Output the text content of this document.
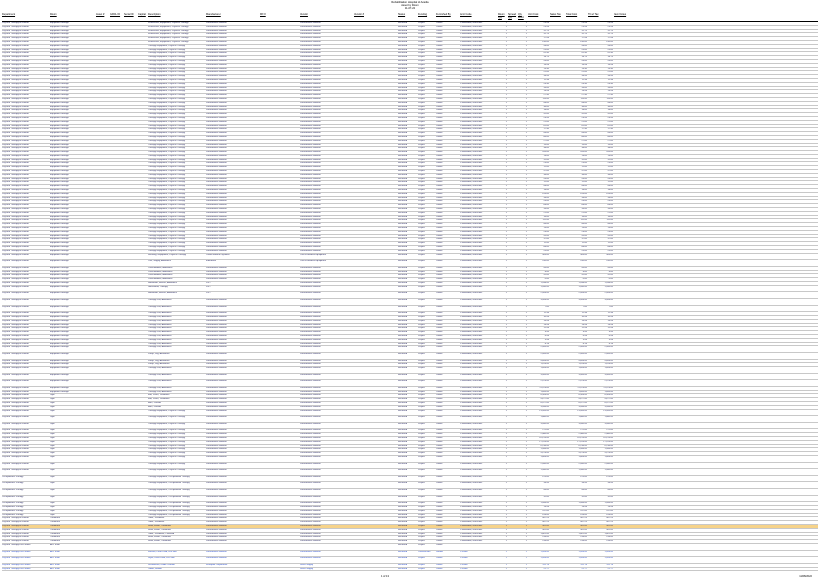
Rehabilitation Hospital of Acadia
Asset by Room
11-07-22
Department	Room	Asset #	GRCL ID	Serial ID	Capital Description	Manufacturer	Mfr #	Vendor	Vendor #	Status	Funding	Furnished By	Acct Code	Room Qty
Spread Qty
Qty Rcvd
Unit Cost	Sales Tax	Total Cost	Ttl w/ Tax	Item Notes
Physical Therapy/In-Patient	Equipment Storage	Wheelchair, Equipment, Physical Therapy	Performance Medical	Performance Medical	Received	Project	Owner	1-Moveable, Non-Elect	1	1	23.99	23.99	23.99
Physical Therapy/In-Patient	Equipment Storage	Wheelchair, Equipment, Physical Therapy	Performance Medical	Performance Medical	Received	Project	Owner	1-Moveable, Non-Elect	1	1	23.99	23.99	23.99
Physical Therapy/In-Patient	Equipment Storage	Wheelchair, Equipment, Physical Therapy	Performance Medical	Performance Medical	Received	Project	Owner	1-Moveable, Non-Elect	1	1	31.75	31.75	31.75
Physical Therapy/In-Patient	Equipment Storage	Wheelchair, Equipment, Physical Therapy	Performance Medical	Performance Medical	Received	Project	Owner	1-Moveable, Non-Elect	1	1	31.75	31.75	31.75
Physical Therapy/In-Patient	Equipment Storage	Wheelchair, Equipment, Physical Therapy	Performance Medical	Performance Medical	Received	Project	Owner	1-Moveable, Non-Elect	1	1	17.99	17.99	17.99
Physical Therapy/In-Patient	Equipment Storage	Wheelchair, Equipment, Physical Therapy	Performance Medical	Performance Medical	Received	Project	Owner	1-Moveable, Non-Elect	1	1	190.00	190.00	190.00
Physical Therapy/In-Patient	Equipment Storage	Therapy Equipment, Physical Therapy	Performance Medical	Performance Medical	Received	Project	Owner	1-Moveable, Non-Elect	1	1	59.00	59.00	59.00
Physical Therapy/In-Patient	Equipment Storage	Therapy Equipment, Physical Therapy	Performance Medical	Performance Medical	Received	Project	Owner	1-Moveable, Non-Elect	1	1	25.00	25.00	25.00
Physical Therapy/In-Patient	Equipment Storage	Therapy Equipment, Physical Therapy	Performance Medical	Performance Medical	Received	Project	Owner	1-Moveable, Non-Elect	1	1	41.50	41.50	41.50
Physical Therapy/In-Patient	Equipment Storage	Therapy Equipment, Physical Therapy	Performance Medical	Performance Medical	Received	Project	Owner	1-Moveable, Non-Elect	1	1	18.75	18.75	18.75
Physical Therapy/In-Patient	Equipment Storage	Therapy Equipment, Physical Therapy	Performance Medical	Performance Medical	Received	Project	Owner	1-Moveable, Non-Elect	1	1	26.00	26.00	26.00
Physical Therapy/In-Patient	Equipment Storage	Therapy Equipment, Physical Therapy	Performance Medical	Performance Medical	Received	Project	Owner	1-Moveable, Non-Elect	1	1	14.99	14.99	14.99
Physical Therapy/In-Patient	Equipment Storage	Therapy Equipment, Physical Therapy	Performance Medical	Performance Medical	Received	Project	Owner	1-Moveable, Non-Elect	1	1	13.50	13.50	13.50
Physical Therapy/In-Patient	Equipment Storage	Therapy Equipment, Physical Therapy	Performance Medical	Performance Medical	Received	Project	Owner	1-Moveable, Non-Elect	1	1	22.00	22.00	22.00
Physical Therapy/In-Patient	Equipment Storage	Therapy Equipment, Physical Therapy	Performance Medical	Performance Medical	Received	Project	Owner	1-Moveable, Non-Elect	1	1	39.95	39.95	39.95
Physical Therapy/In-Patient	Equipment Storage	Therapy Equipment, Physical Therapy	Performance Medical	Performance Medical	Received	Project	Owner	1-Moveable, Non-Elect	1	1	11.99	11.99	11.99
Physical Therapy/In-Patient	Equipment Storage	Therapy Equipment, Physical Therapy	Performance Medical	Performance Medical	Received	Project	Owner	1-Moveable, Non-Elect	1	1	24.50	24.50	24.50
Physical Therapy/In-Patient	Equipment Storage	Therapy Equipment, Physical Therapy	Performance Medical	Performance Medical	Received	Project	Owner	1-Moveable, Non-Elect	1	1	33.00	33.00	33.00
Physical Therapy/In-Patient	Equipment Storage	Therapy Equipment, Physical Therapy	Performance Medical	Performance Medical	Received	Project	Owner	1-Moveable, Non-Elect	1	1	19.99	19.99	19.99
Physical Therapy/In-Patient	Equipment Storage	Therapy Equipment, Physical Therapy	Performance Medical	Performance Medical	Received	Project	Owner	1-Moveable, Non-Elect	1	1	27.50	27.50	27.50
Physical Therapy/In-Patient	Equipment Storage	Therapy Equipment, Physical Therapy	Performance Medical	Performance Medical	Received	Project	Owner	1-Moveable, Non-Elect	1	1	115.00	115.00	115.00
Physical Therapy/In-Patient	Equipment Storage	Therapy Equipment, Physical Therapy	Performance Medical	Performance Medical	Received	Project	Owner	1-Moveable, Non-Elect	1	1	48.00	48.00	48.00
Physical Therapy/In-Patient	Equipment Storage	Therapy Equipment, Physical Therapy	Performance Medical	Performance Medical	Received	Project	Owner	1-Moveable, Non-Elect	1	1	36.00	36.00	36.00
Physical Therapy/In-Patient	Equipment Storage	Therapy Equipment, Physical Therapy	Performance Medical	Performance Medical	Received	Project	Owner	1-Moveable, Non-Elect	1	1	18.00	18.00	18.00
Physical Therapy/In-Patient	Equipment Storage	Therapy Equipment, Physical Therapy	Performance Medical	Performance Medical	Received	Project	Owner	1-Moveable, Non-Elect	1	1	52.00	52.00	52.00
Physical Therapy/In-Patient	Equipment Storage	Therapy Equipment, Physical Therapy	Performance Medical	Performance Medical	Received	Project	Owner	1-Moveable, Non-Elect	1	1	29.95	29.95	29.95
Physical Therapy/In-Patient	Equipment Storage	Therapy Equipment, Physical Therapy	Performance Medical	Performance Medical	Received	Project	Owner	1-Moveable, Non-Elect	1	1	21.00	21.00	21.00
Physical Therapy/In-Patient	Equipment Storage	Therapy Equipment, Physical Therapy	Performance Medical	Performance Medical	Received	Project	Owner	1-Moveable, Non-Elect	1	1	62.00	62.00	62.00
Physical Therapy/In-Patient	Equipment Storage	Therapy Equipment, Physical Therapy	Performance Medical	Performance Medical	Received	Project	Owner	1-Moveable, Non-Elect	1	1	17.50	17.50	17.50
Physical Therapy/In-Patient	Equipment Storage	Therapy Equipment, Physical Therapy	Performance Medical	Performance Medical	Received	Project	Owner	1-Moveable, Non-Elect	1	1	44.00	44.00	44.00
Physical Therapy/In-Patient	Equipment Storage	Therapy Equipment, Physical Therapy	Performance Medical	Performance Medical	Received	Project	Owner	1-Moveable, Non-Elect	1	1	86.00	86.00	86.00
Physical Therapy/In-Patient	Equipment Storage	Therapy Equipment, Physical Therapy	Performance Medical	Performance Medical	Received	Project	Owner	1-Moveable, Non-Elect	1	1	27.00	27.00	27.00
Physical Therapy/In-Patient	Equipment Storage	Therapy Equipment, Physical Therapy	Performance Medical	Performance Medical	Received	Project	Owner	1-Moveable, Non-Elect	1	1	15.00	15.00	15.00
Physical Therapy/In-Patient	Equipment Storage	Therapy Equipment, Physical Therapy	Performance Medical	Performance Medical	Received	Project	Owner	1-Moveable, Non-Elect	1	1	38.00	38.00	38.00
Physical Therapy/In-Patient	Equipment Storage	Therapy Equipment, Physical Therapy	Performance Medical	Performance Medical	Received	Project	Owner	1-Moveable, Non-Elect	1	1	245.00	245.00	245.00
Physical Therapy/In-Patient	Equipment Storage	Therapy Equipment, Physical Therapy	Performance Medical	Performance Medical	Received	Project	Owner	1-Moveable, Non-Elect	1	1	19.00	19.00	19.00
Physical Therapy/In-Patient	Equipment Storage	Therapy Equipment, Physical Therapy	Performance Medical	Performance Medical	Received	Project	Owner	1-Moveable, Non-Elect	1	1	31.00	31.00	31.00
Physical Therapy/In-Patient	Equipment Storage	Therapy Equipment, Physical Therapy	Performance Medical	Performance Medical	Received	Project	Owner	1-Moveable, Non-Elect	1	1	23.00	23.00	23.00
Physical Therapy/In-Patient	Equipment Storage	Therapy Equipment, Physical Therapy	Performance Medical	Performance Medical	Received	Project	Owner	1-Moveable, Non-Elect	1	1	12.00	12.00	12.00
Physical Therapy/In-Patient	Equipment Storage	Therapy Equipment, Physical Therapy	Performance Medical	Performance Medical	Received	Project	Owner	1-Moveable, Non-Elect	1	1	57.00	57.00	57.00
Physical Therapy/In-Patient	Equipment Storage	Therapy Equipment, Physical Therapy	Performance Medical	Performance Medical	Received	Project	Owner	1-Moveable, Non-Elect	1	1	34.00	34.00	34.00
Physical Therapy/In-Patient	Equipment Storage	Therapy Equipment, Physical Therapy	Performance Medical	Performance Medical	Received	Project	Owner	1-Moveable, Non-Elect	1	1	26.00	26.00	26.00
Physical Therapy/In-Patient	Equipment Storage	Therapy Equipment, Physical Therapy	Performance Medical	Performance Medical	Received	Project	Owner	1-Moveable, Non-Elect	1	1	12.00	12.00	12.00
Physical Therapy/In-Patient	Equipment Storage	Therapy Equipment, Physical Therapy	Performance Medical	Performance Medical	Received	Project	Owner	1-Moveable, Non-Elect	1	1	48.00	48.00	48.00
Physical Therapy/In-Patient	Equipment Storage	Therapy Equipment, Physical Therapy	Performance Medical	Performance Medical	Received	Project	Owner	1-Moveable, Non-Elect	1	1	18.00	18.00	18.00
Physical Therapy/In-Patient	Equipment Storage	Therapy Equipment, Physical Therapy	Performance Medical	Performance Medical	Received	Project	Owner	1-Moveable, Non-Elect	1	1	143.00	143.00	143.00
Physical Therapy/In-Patient	Equipment Storage	Therapy Equipment, Physical Therapy	Performance Medical	Performance Medical	Received	Project	Owner	1-Moveable, Non-Elect	1	1	39.00	39.00	39.00
Physical Therapy/In-Patient	Equipment Storage	Therapy Equipment, Physical Therapy	Performance Medical	Performance Medical	Received	Project	Owner	1-Moveable, Non-Elect	1	1	24.00	24.00	24.00
Physical Therapy/In-Patient	Equipment Storage	Therapy Equipment, Physical Therapy	Performance Medical	Performance Medical	Received	Project	Owner	1-Moveable, Non-Elect	1	1	68.00	68.00	68.00
Physical Therapy/In-Patient	Equipment Storage	Therapy Equipment, Physical Therapy	Performance Medical	Performance Medical	Received	Project	Owner	1-Moveable, Non-Elect	1	1	33.00	33.00	33.00
Physical Therapy/In-Patient	Equipment Storage	Therapy Equipment, Physical Therapy	Performance Medical	Performance Medical	Received	Project	Owner	1-Moveable, Non-Elect	1	1	21.00	21.00	21.00
Physical Therapy/In-Patient	Equipment Storage	Therapy Equipment, Physical Therapy	Performance Medical	Performance Medical	Received	Project	Owner	1-Moveable, Non-Elect	1	1	16.00	16.00	16.00
Physical Therapy/In-Patient	Equipment Storage	Therapy Equipment, Physical Therapy	Performance Medical	Performance Medical	Received	Project	Owner	1-Moveable, Non-Elect	1	1	112.00	112.00	112.00
Physical Therapy/In-Patient	Equipment Storage	Therapy Equipment, Physical Therapy	Performance Medical	Performance Medical	Received	Project	Owner	1-Moveable, Non-Elect	1	1	46.00	46.00	46.00
Physical Therapy/In-Patient	Equipment Storage	Therapy Equipment, Physical Therapy	Performance Medical	Performance Medical	Received	Project	Owner	1-Moveable, Non-Elect	1	1	13.00	13.00	13.00
Physical Therapy/In-Patient	Equipment Storage	Therapy Equipment, Physical Therapy	Performance Medical	Performance Medical	Received	Project	Owner	1-Moveable, Non-Elect	1	1	29.00	29.00	29.00
Physical Therapy/In-Patient	Equipment Storage	Therapy Equipment, Physical Therapy	Performance Medical	Performance Medical	Received	Project	Owner	1-Moveable, Non-Elect	1	1	20.00	20.00	20.00
Physical Therapy/In-Patient	Equipment Storage	Therapy Equipment, Physical Therapy	Performance Medical	Performance Medical	Received	Project	Owner	1-Moveable, Non-Elect	1	1	37.00	37.00	37.00
Physical Therapy/In-Patient	Equipment Storage	Therapy Equipment, Physical Therapy	Performance Medical	Performance Medical	Received	Project	Owner	1-Moveable, Non-Elect	1	1	11.00	11.00	11.00
Physical Therapy/In-Patient	Equipment Storage	Therapy Equipment, Physical Therapy	Performance Medical	Performance Medical	Received	Project	Owner	1-Moveable, Non-Elect	1	1	88.00	88.00	88.00
Physical Therapy/In-Patient	Equipment Storage	Therapy Equipment, Physical Therapy	Performance Medical	Performance Medical	Received	Project	Owner	1-Moveable, Non-Elect	1	1	25.00	25.00	25.00
Physical Therapy/In-Patient	Equipment Storage	Shelving, Equipment, Physical Therapy	Cardio Medical Systems	CalPro Medical Equipment	Received	Project	Owner	1-Moveable, Non-Elect	1	1	383.00	383.00	383.00
Physical Therapy/In-Patient	Equipment Storage	Cart, Supply, Allowance	InterMetro	CalPro Medical Equipment	Received	Project	Owner	1-Moveable, Non-Elect	1	1	250.00	250.00	250.00
Physical Therapy/In-Patient	Equipment Storage	Consumables, Allowance	Performance Medical	Performance Medical	Received	Project	Owner	1-Moveable, Non-Elect	1	1	95.00	95.00	95.00
Physical Therapy/In-Patient	Equipment Storage	Consumables, Allowance	Performance Medical	Performance Medical	Received	Project	Owner	1-Moveable, Non-Elect	1	1	8.00	8.00	8.00
Physical Therapy/In-Patient	Equipment Storage	Consumables, Allowance	Performance Medical	Performance Medical	Received	Project	Owner	1-Moveable, Non-Elect	1	1	52.00	52.00	52.00
Physical Therapy/In-Patient	Equipment Storage	Consumables, Allowance	Performance Medical	Performance Medical	Received	Project	Owner	1-Moveable, Non-Elect	1	1	0.00	0.00	0.00
Physical Therapy/In-Patient	Equipment Storage	Stimulator, Muscle, Allowance	DJO	Performance Medical	Received	Project	Owner	1-Moveable, Non-Elect	1	1	1,438.00	1,438.00	1,438.00
Physical Therapy/In-Patient	Equipment Storage	Ultrasound, Therapy	DJO	Performance Medical	Received	Project	Owner	1-Moveable, Non-Elect	1	1	1,590.00	1,590.00	1,590.00
Physical Therapy/In-Patient	Equipment Storage	Stimulator, Muscle, Allowance	DJO	Performance Medical	Received	Project	Owner	1-Moveable, Non-Elect	1	1	2,499.00	2,499.00	2,499.00
Physical Therapy/In-Patient	Equipment Storage	Therapy Unit, Allowance	Performance Medical	Performance Medical	Received	Project	Owner	1-Moveable, Non-Elect	1	1	3,999.00	3,999.00	3,999.00
Physical Therapy/In-Patient	Equipment Storage	Therapy Unit, Allowance	Performance Medical	Performance Medical	Received	Project	Owner	1-Moveable, Non-Elect	1	1	7.00	7.00	7.00
Physical Therapy/In-Patient	Equipment Storage	Therapy Unit, Allowance	Performance Medical	Performance Medical	Received	Project	Owner	1-Moveable, Non-Elect	1	1	11.99	11.99	11.99
Physical Therapy/In-Patient	Equipment Storage	Therapy Unit, Allowance	Performance Medical	Performance Medical	Received	Project	Owner	1-Moveable, Non-Elect	1	1	10.99	10.99	10.99
Physical Therapy/In-Patient	Equipment Storage	Therapy Unit, Allowance	Performance Medical	Performance Medical	Received	Project	Owner	1-Moveable, Non-Elect	1	1	14.99	14.99	14.99
Physical Therapy/In-Patient	Equipment Storage	Therapy Unit, Allowance	Performance Medical	Performance Medical	Received	Project	Owner	1-Moveable, Non-Elect	1	1	19.99	19.99	19.99
Physical Therapy/In-Patient	Equipment Storage	Therapy Unit, Allowance	Performance Medical	Performance Medical	Received	Project	Owner	1-Moveable, Non-Elect	1	1	12.99	12.99	12.99
Physical Therapy/In-Patient	Equipment Storage	Therapy Unit, Allowance	Performance Medical	Performance Medical	Received	Project	Owner	1-Moveable, Non-Elect	1	1	9.95	9.95	9.95
Physical Therapy/In-Patient	Equipment Storage	Therapy Unit, Allowance	Performance Medical	Performance Medical	Received	Project	Owner	1-Moveable, Non-Elect	1	1	6.99	6.99	6.99
Physical Therapy/In-Patient	Equipment Storage	Therapy Unit, Allowance	Performance Medical	Performance Medical	Received	Project	Owner	1-Moveable, Non-Elect	1	1	3.99	3.99	3.99
Physical Therapy/In-Patient	Equipment Storage	Therapy Unit, Allowance	Performance Medical	Performance Medical	Received	Project	Owner	1-Moveable, Non-Elect	1	1	8.19	8.19	8.19
Physical Therapy/In-Patient	Equipment Storage	Therapy Unit, Allowance	Performance Medical	Performance Medical	Received	Project	Owner	1-Moveable, Non-Elect	1	1	2,495.00	2,495.00	2,495.00
Physical Therapy/In-Patient	Equipment Storage	Pump, Leg, Allowance	Performance Medical	Performance Medical	Received	Project	Owner	1-Moveable, Non-Elect	1	1	2,495.00	2,495.00	2,495.00
Physical Therapy/In-Patient	Equipment Storage	Pump, Leg, Allowance	Performance Medical	Performance Medical	Received	Project	Owner	1-Moveable, Non-Elect	1	1	9,899.00	9,899.00	9,899.00
Physical Therapy/In-Patient	Equipment Storage	Pump, Leg, Allowance	Performance Medical	Performance Medical	Received	Project	Owner	1-Moveable, Non-Elect	1	1	1,109.00	1,109.00	1,109.00
Physical Therapy/In-Patient	Equipment Storage	Therapy Unit, Allowance	Performance Medical	Performance Medical	Received	Project	Owner	1-Moveable, Non-Elect	1	1	1,649.00	1,649.00	1,649.00
Physical Therapy/In-Patient	Equipment Storage	Therapy Unit, Allowance	Performance Medical	Performance Medical	Received	Project	Owner	1-Moveable, Non-Elect	1	1	3,495.00	3,495.00	3,495.00
Physical Therapy/In-Patient	Equipment Storage	Therapy Unit, Allowance	Performance Medical	Performance Medical	Received	Project	Owner	1-Moveable, Non-Elect	1	1	2,079.00	2,079.00	2,079.00
Physical Therapy/In-Patient	Equipment Storage	Therapy Unit, Allowance	Performance Medical	Performance Medical	Received	Project	Owner	1-Moveable, Non-Elect	1	1	11,479.00	11,479.00	11,479.00
Physical Therapy/In-Patient	Equipment Storage	Therapy Unit, Allowance	Performance Medical	Performance Medical	Received	Project	Owner	1-Moveable, Non-Elect	1	1	1,895.00	1,895.00	1,895.00
Physical Therapy/In-Patient	Gym	Mat, Plinth, Treatment	Performance Medical	Performance Medical	Received	Project	Owner	1-Moveable, Non-Elect	1	1	8,349.00	8,349.00	8,349.00
Physical Therapy/In-Patient	Gym	Mat, Plinth, Treatment	Performance Medical	Performance Medical	Received	Project	Owner	1-Moveable, Non-Elect	1	1	9,677.00	9,677.00	9,677.00
Physical Therapy/In-Patient	Gym	Bars, Parallel	Performance Medical	Performance Medical	Received	Project	Owner	1-Moveable, Non-Elect	1	1	8,477.00	8,477.00	8,477.00
Physical Therapy/In-Patient	Gym	Bars, Parallel	Performance Medical	Performance Medical	Received	Project	Owner	1-Moveable, Non-Elect	1	1	3,456.00	3,456.00	3,456.00
Physical Therapy/In-Patient	Gym	Therapy Equipment, Physical Therapy	Performance Medical	Performance Medical	Received	Project	Owner	1-Moveable, Non-Elect	1	1	13,995.00	13,995.00	13,995.00
Physical Therapy/In-Patient	Gym	Therapy Equipment, Physical Therapy	Performance Medical	Performance Medical	Received	Project	Owner	1-Moveable, Non-Elect	1	1	1,880.00	1,880.00	1,880.00
Physical Therapy/In-Patient	Gym	Therapy Equipment, Physical Therapy	Performance Medical	Performance Medical	Received	Project	Owner	1-Moveable, Non-Elect	1	1	3,090.00	3,090.00	3,090.00
Physical Therapy/In-Patient	Gym	Therapy Equipment, Physical Therapy	Performance Medical	Performance Medical	Received	Project	Owner	1-Moveable, Non-Elect	1	1	272.00	272.00	272.00
Physical Therapy/In-Patient	Gym	Therapy Equipment, Physical Therapy	Performance Medical	Performance Medical	Received	Project	Owner	1-Moveable, Non-Elect	1	1	2,480.00	2,480.00	2,480.00
Physical Therapy/In-Patient	Gym	Therapy Equipment, Physical Therapy	Performance Medical	Performance Medical	Received	Project	Owner	1-Moveable, Non-Elect	1	1	10,126.00	10,126.00	10,126.00
Physical Therapy/In-Patient	Gym	Therapy Equipment, Physical Therapy	Performance Medical	Performance Medical	Received	Project	Owner	1-Moveable, Non-Elect	1	1	17,476.00	17,476.00	17,476.00
Physical Therapy/In-Patient	Gym	Therapy Equipment, Physical Therapy	Performance Medical	Performance Medical	Received	Project	Owner	1-Moveable, Non-Elect	1	1	6,236.00	6,236.00	6,236.00
Physical Therapy/In-Patient	Gym	Therapy Equipment, Physical Therapy	Performance Medical	Performance Medical	Received	Project	Owner	1-Moveable, Non-Elect	1	1	1,996.00	1,996.00	1,996.00
Physical Therapy/In-Patient	Gym	Therapy Equipment, Physical Therapy	Performance Medical	Performance Medical	Received	Project	Owner	1-Moveable, Non-Elect	1	1	5,129.00	5,129.00	5,129.00
Physical Therapy/In-Patient	Gym	Therapy Equipment, Physical Therapy	Performance Medical	Performance Medical	Received	Project	Owner	1-Moveable, Non-Elect	1	1	1,689.00	1,689.00	1,689.00
Physical Therapy/In-Patient	Gym	Therapy Equipment, Physical Therapy	Performance Medical	Performance Medical	Received	Project	Owner	1-Moveable, Non-Elect	1	1	2,990.00	2,990.00	2,990.00
Physical Therapy/In-Patient	Gym	Therapy Equipment, Physical Therapy	Performance Medical	Performance Medical	Received	Project	Owner	1-Moveable, Non-Elect	1	1	1,490.00	1,490.00	1,490.00
Occupational Therapy	Gym	Therapy Equipment, Occupational Therapy	Performance Medical	Performance Medical	Received	Project	Owner	1-Moveable, Non-Elect	1	1	125.00	125.00	125.00
Occupational Therapy	Gym	Therapy Equipment, Occupational Therapy	Performance Medical	Performance Medical	Received	Project	Owner	1-Moveable, Non-Elect	1	1	39.95	39.95	39.95
Occupational Therapy	Gym	Therapy Equipment, Occupational Therapy	Performance Medical	Performance Medical	Received	Project	Owner	1-Moveable, Non-Elect	1	1	46.00	46.00	46.00
Occupational Therapy	Gym	Therapy Equipment, Occupational Therapy	Performance Medical	Performance Medical	Received	Project	Owner	1-Moveable, Non-Elect	1	1	32.00	32.00	32.00
Occupational Therapy	Gym	Therapy Equipment, Occupational Therapy	Performance Medical	Performance Medical	Received	Project	Owner	1-Moveable, Non-Elect	1	1	1,096.00	1,096.00	1,096.00
Occupational Therapy	Gym	Therapy Equipment, Occupational Therapy	Performance Medical	Performance Medical	Received	Project	Owner	1-Moveable, Non-Elect	1	1	19.99	19.99	19.99
Occupational Therapy	Gym	Therapy Equipment, Occupational Therapy	Performance Medical	Performance Medical	Received	Project	Owner	1-Moveable, Non-Elect	1	1	297.00	297.00	297.00
Occupational Therapy	Gym	Therapy Equipment, Occupational Therapy	Performance Medical	Performance Medical	Received	Project	Owner	1-Moveable, Non-Elect	1	1	149.00	149.00	149.00
Physical Therapy/In-Patient	Treatment	Table, Treatment	Performance Medical	Performance Medical	Received	Project	Owner	1-Moveable, Non-Elect	1	1	987.25	987.25	987.25
Physical Therapy/In-Patient	Treatment	Table, Treatment	Performance Medical	Performance Medical	Received	Project	Owner	1-Moveable, Non-Elect	1	1	987.25	987.25	987.25
Physical Therapy/In-Patient	Treatment	Stool, Exam, Treatment	Performance Medical	Performance Medical	Received	Project	Owner	1-Moveable, Non-Elect	1	1	362.00	362.00	362.00
Physical Therapy/In-Patient	Treatment	Stool, Exam, Treatment	Performance Medical	Performance Medical	Received	Project	Owner	1-Moveable, Non-Elect	1	1	362.00	362.00	362.00
Physical Therapy/In-Patient	Treatment	Table, Treatment, Powered	Performance Medical	Performance Medical	Received	Project	Owner	1-Moveable, Non-Elect	1	1	1,801.00	1,801.00	1,801.00
Physical Therapy/In-Patient	Treatment	Stool, Exam, Treatment	Performance Medical	Performance Medical	Received	Project	Owner	1-Moveable, Non-Elect	1	1	239.00	239.00	239.00
Physical Therapy/In-Patient	Treatment	Stool, Exam, Treatment	Performance Medical	Performance Medical	Received	Project	Owner	1-Moveable, Non-Elect	1	1	239.00	239.00	239.00
Physical Therapy/Out-Patient	ADL Suite	Received	Project	Owner
Physical Therapy/Out-Patient	ADL Suite	Washer, Front Load, Full Size	Performance Medical	Performance Medical	Received	Construction	Vendor	1-Fixed	1	1	1,099.00	1,099.00	1,099.00
Physical Therapy/Out-Patient	ADL Suite	Dryer, Front Load, Full Size	Performance Medical	Performance Medical	Received	Project	Owner	1-Fixed	1	1	1,099.00	1,099.00	1,099.00
Physical Therapy/Out-Patient	ADL Suite	Dishwasher, Under Counter	Whirlpool Corporation	Direct Supply	Received	Project	Owner	1-Fixed	1	1	511.79	511.79	511.79
Physical Therapy/Out-Patient	ADL Suite	Tablet, Station	Direct Supply	Received	Project	Owner	1-Fixed	1	1	22.77	22.77	22.77
1 of 13	11/08/2022
